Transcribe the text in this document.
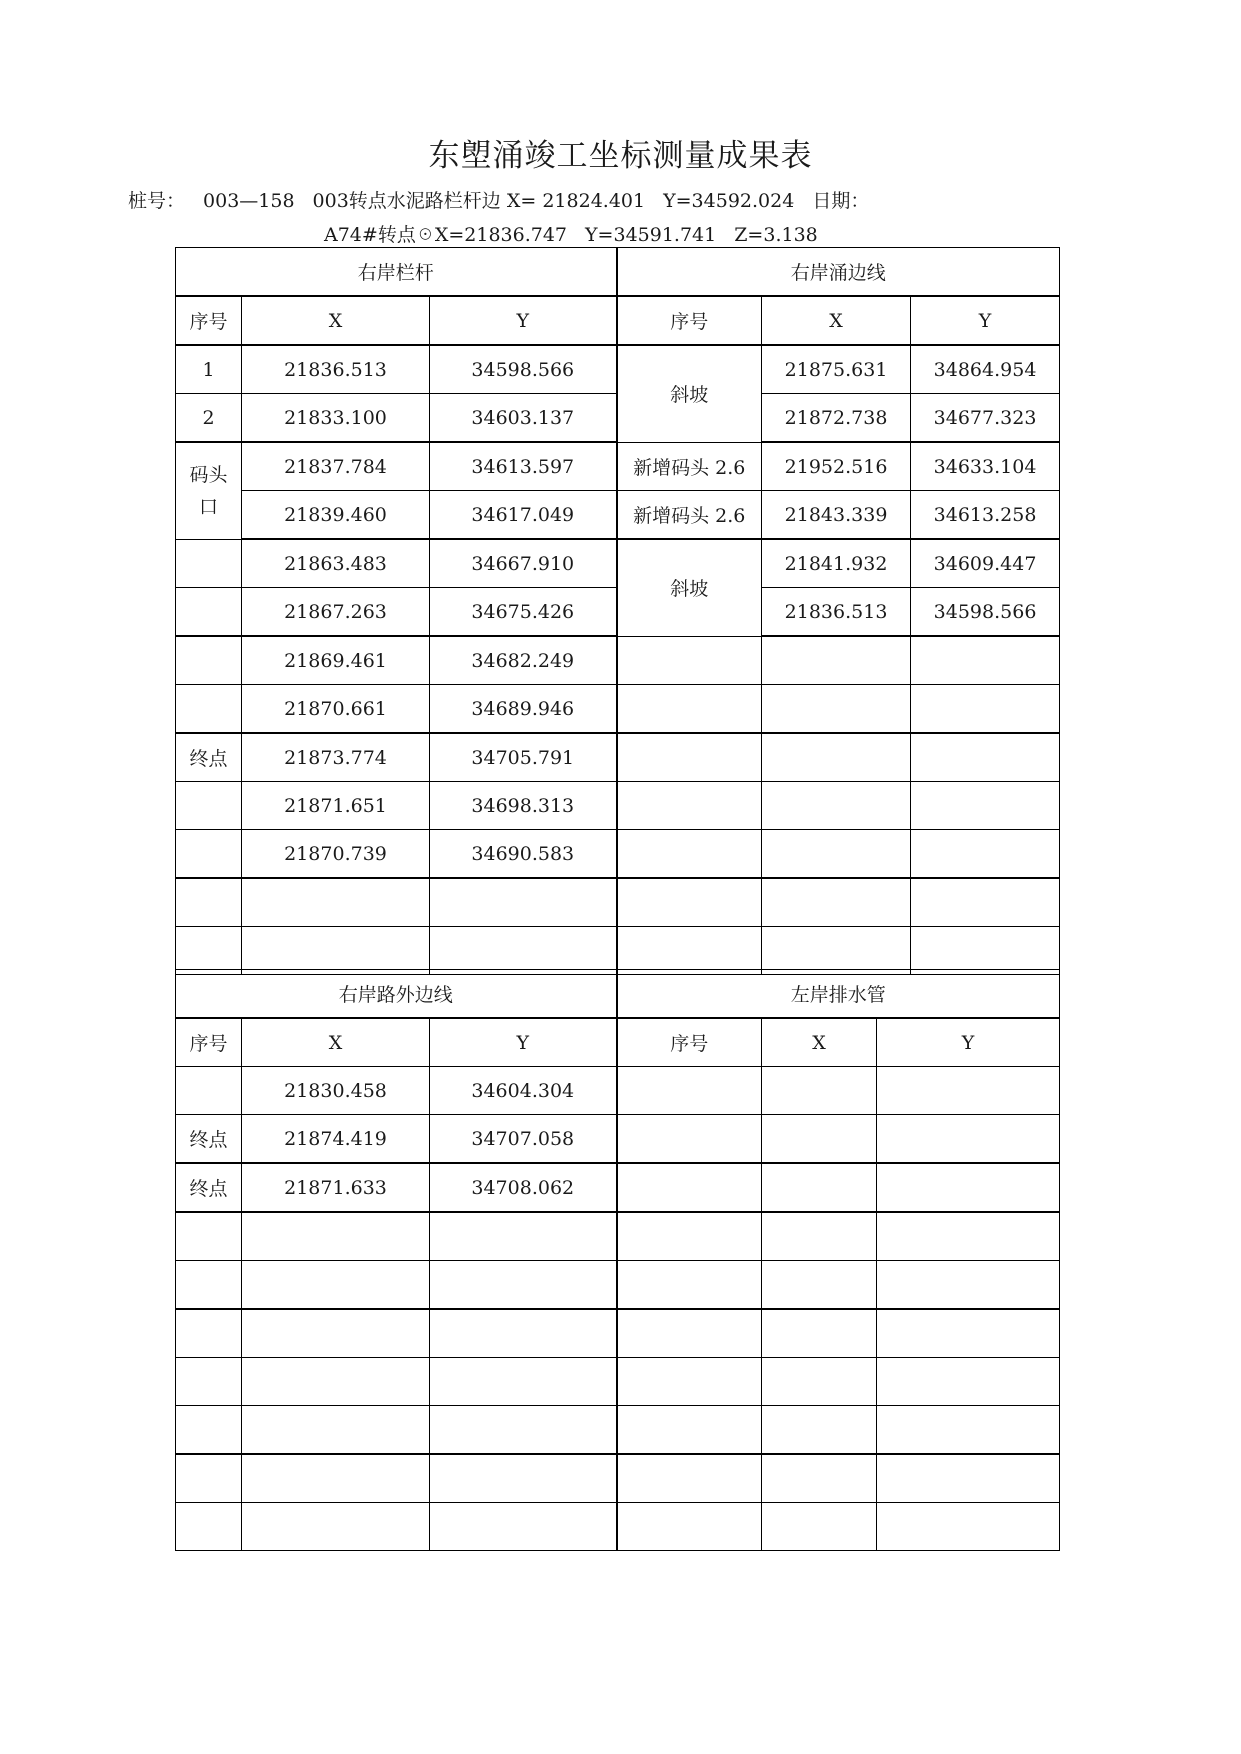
东塱涌竣工坐标测量成果表
桩号： 003—158 003转点水泥路栏杆边 X= 21824.401 Y=34592.024 日期：
A74#转点☉X=21836.747 Y=34591.741 Z=3.138
右岸栏杆			右岸涌边线		
序号	X	Y	序号	X	Y
1	21836.513	34598.566	斜坡	21875.631	34864.954
2	21833.100	34603.137		21872.738	34677.323
码头口	21837.784	34613.597	新增码头 2.6	21952.516	34633.104
	21839.460	34617.049	新增码头 2.6	21843.339	34613.258
	21863.483	34667.910	斜坡	21841.932	34609.447
	21867.263	34675.426		21836.513	34598.566
	21869.461	34682.249			
	21870.661	34689.946			
终点	21873.774	34705.791			
	21871.651	34698.313			
	21870.739	34690.583			

右岸路外边线			左岸排水管		
序号	X	Y	序号	X	Y
	21830.458	34604.304			
终点	21874.419	34707.058			
终点	21871.633	34708.062			
